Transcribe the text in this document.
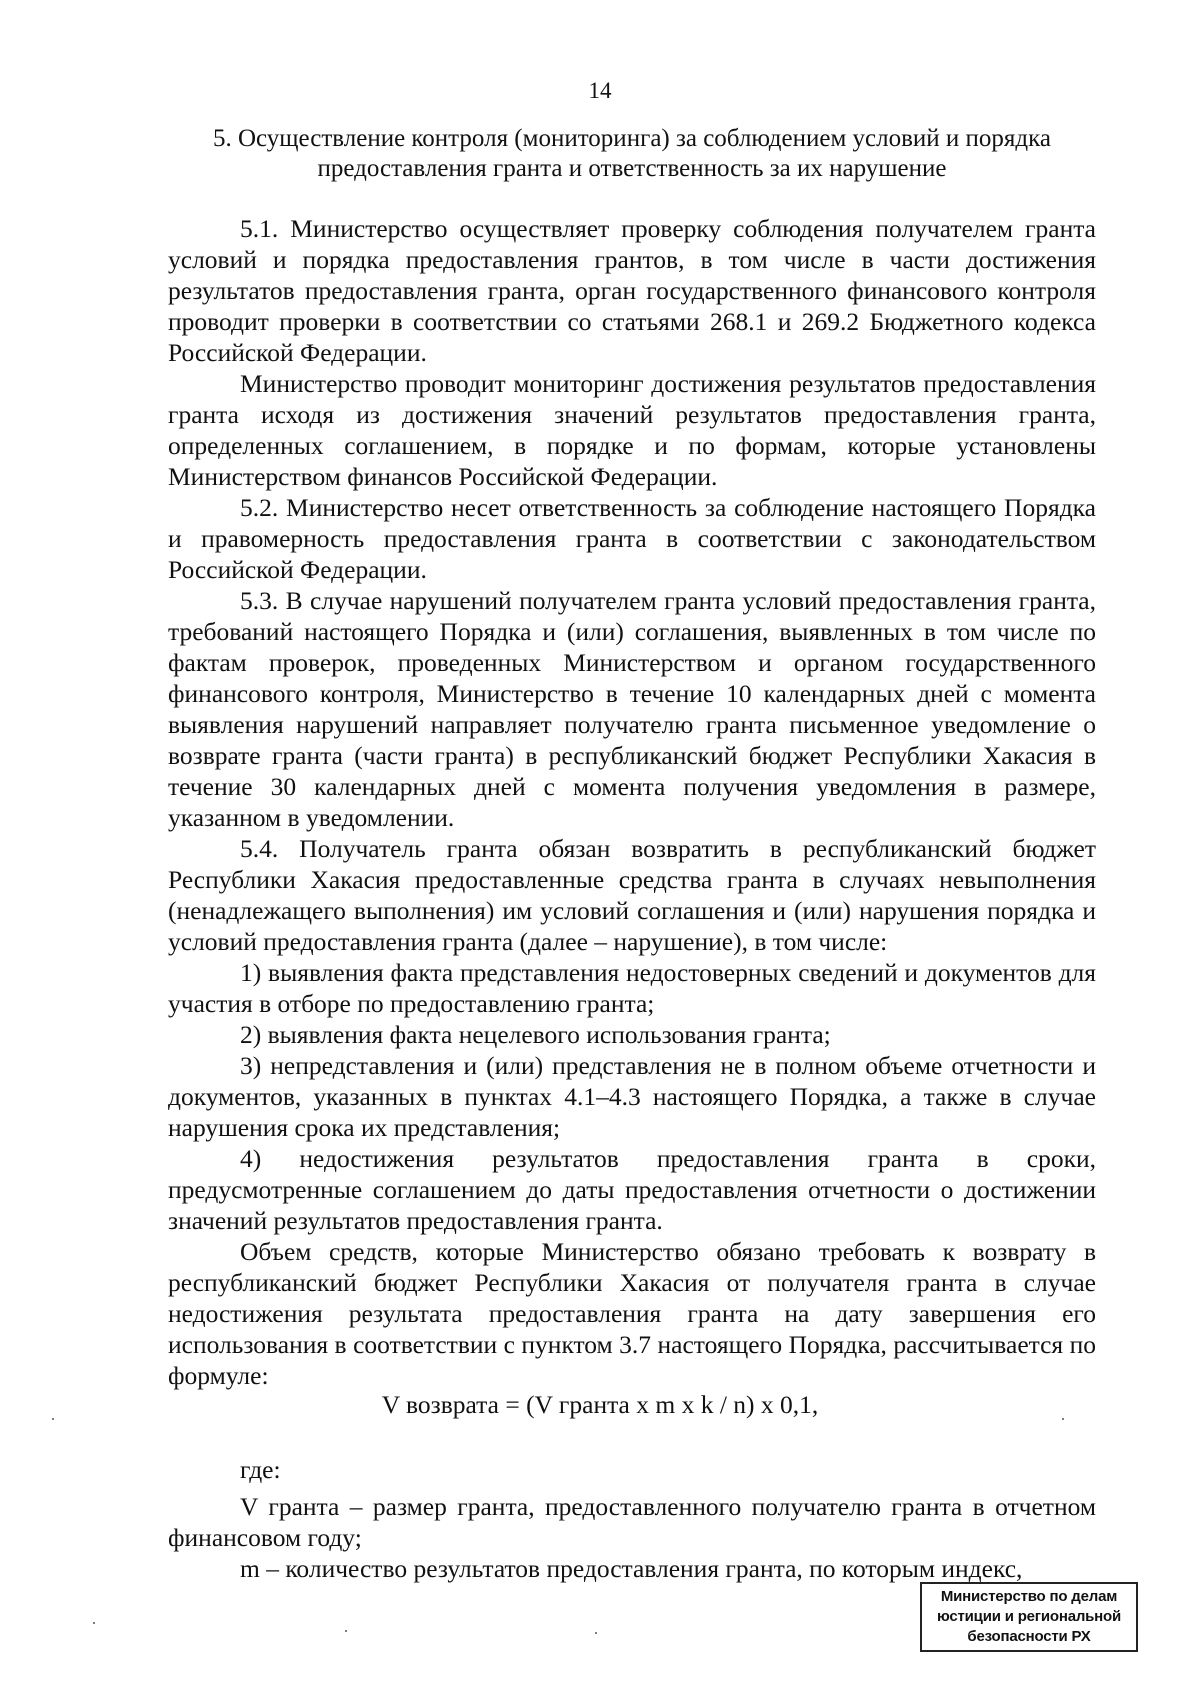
14
5. Осуществление контроля (мониторинга) за соблюдением условий и порядка
предоставления гранта и ответственность за их нарушение

5.1. Министерство осуществляет проверку соблюдения получателем гранта условий и порядка предоставления грантов, в том числе в части достижения результатов предоставления гранта, орган государственного финансового контроля проводит проверки в соответствии со статьями 268.1 и 269.2 Бюджетного кодекса Российской Федерации.

Министерство проводит мониторинг достижения результатов предоставления гранта исходя из достижения значений результатов предоставления гранта, определенных соглашением, в порядке и по формам, которые установлены Министерством финансов Российской Федерации.

5.2. Министерство несет ответственность за соблюдение настоящего Порядка и правомерность предоставления гранта в соответствии с законодательством Российской Федерации.

5.3. В случае нарушений получателем гранта условий предоставления гранта, требований настоящего Порядка и (или) соглашения, выявленных в том числе по фактам проверок, проведенных Министерством и органом государственного финансового контроля, Министерство в течение 10 календарных дней с момента выявления нарушений направляет получателю гранта письменное уведомление о возврате гранта (части гранта) в республиканский бюджет Республики Хакасия в течение 30 календарных дней с момента получения уведомления в размере, указанном в уведомлении.

5.4. Получатель гранта обязан возвратить в республиканский бюджет Республики Хакасия предоставленные средства гранта в случаях невыполнения (ненадлежащего выполнения) им условий соглашения и (или) нарушения порядка и условий предоставления гранта (далее – нарушение), в том числе:

1) выявления факта представления недостоверных сведений и документов для участия в отборе по предоставлению гранта;

2) выявления факта нецелевого использования гранта;

3) непредставления и (или) представления не в полном объеме отчетности и документов, указанных в пунктах 4.1–4.3 настоящего Порядка, а также в случае нарушения срока их представления;

4) недостижения результатов предоставления гранта в сроки, предусмотренные соглашением до даты предоставления отчетности о достижении значений результатов предоставления гранта.

Объем средств, которые Министерство обязано требовать к возврату в республиканский бюджет Республики Хакасия от получателя гранта в случае недостижения результата предоставления гранта на дату завершения его использования в соответствии с пунктом 3.7 настоящего Порядка, рассчитывается по формуле:

V возврата = (V гранта x m x k / n) x 0,1,

где:

V гранта – размер гранта, предоставленного получателю гранта в отчетном финансовом году;

m – количество результатов предоставления гранта, по которым индекс,

Министерство по делам
юстиции и региональной
безопасности РХ
